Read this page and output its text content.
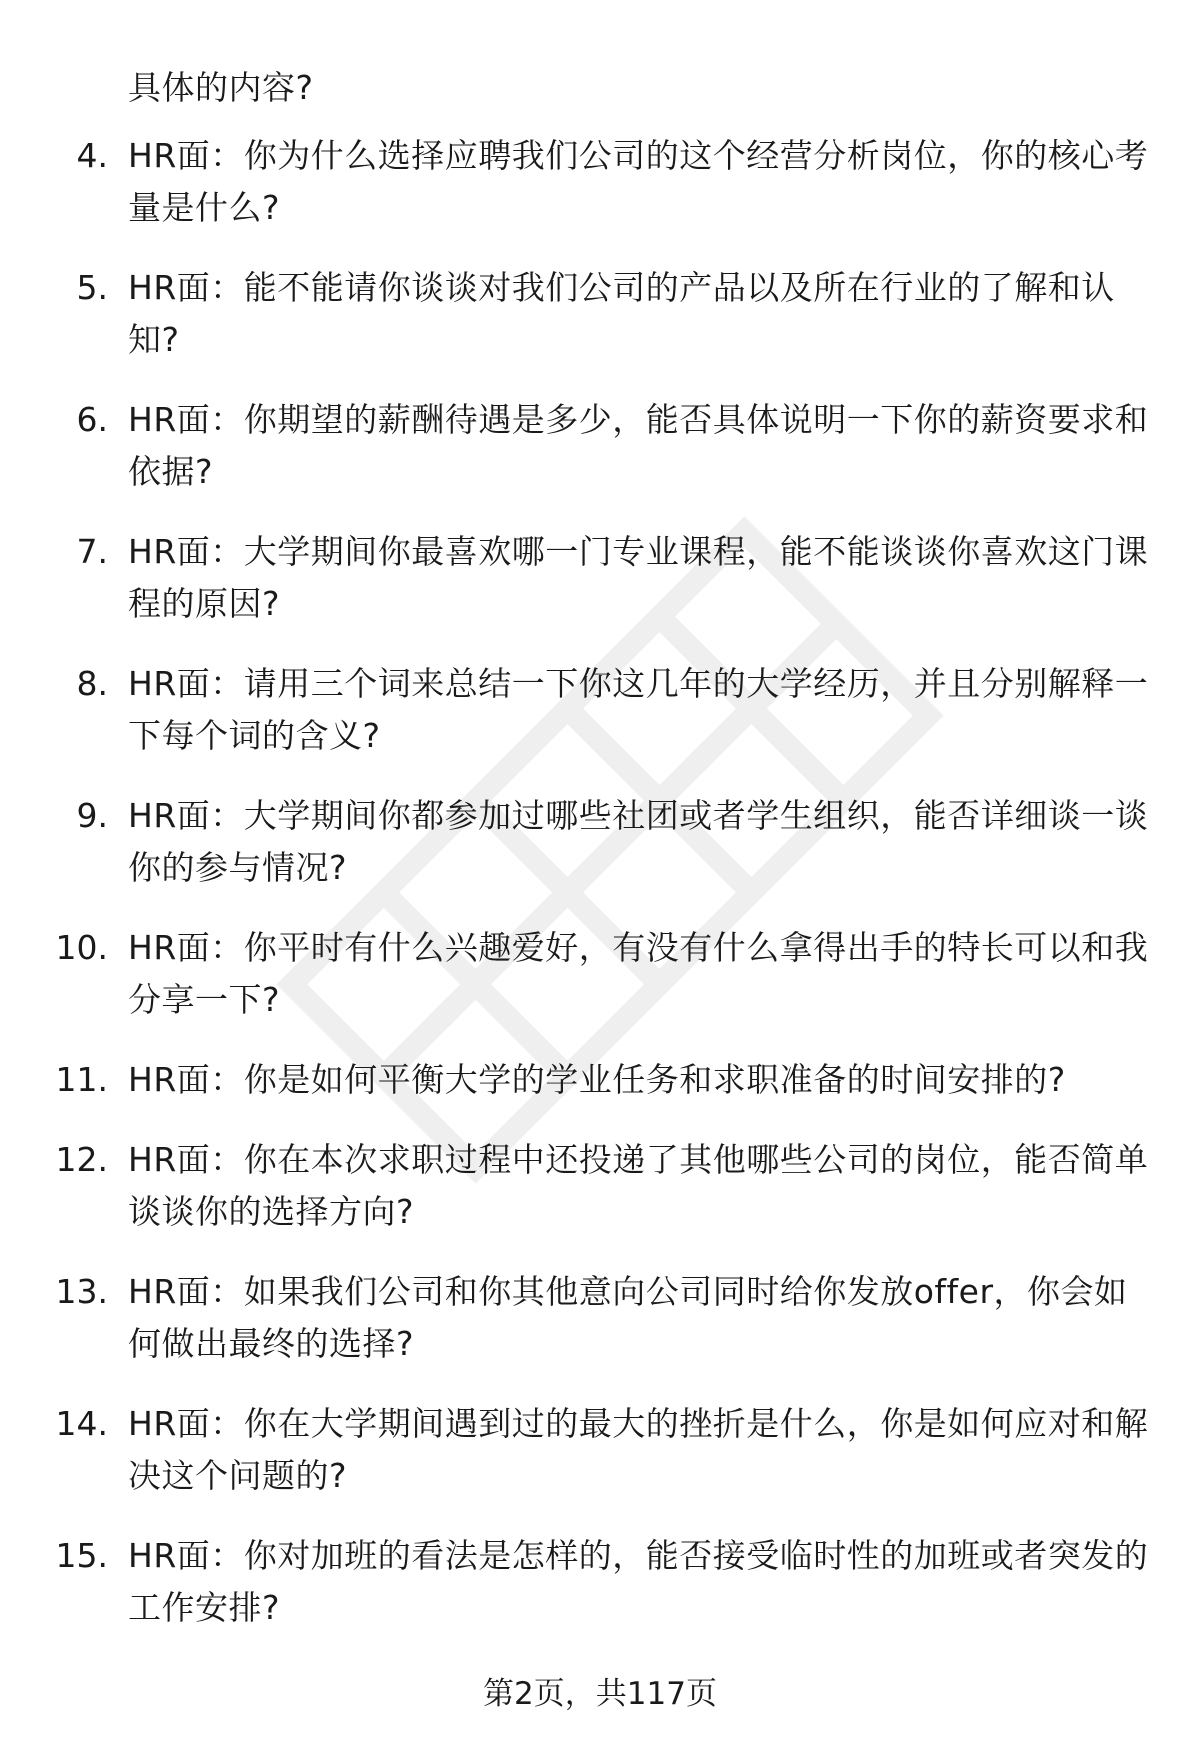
具体的内容?
4. HR面：你为什么选择应聘我们公司的这个经营分析岗位，你的核心考量是什么?
5. HR面：能不能请你谈谈对我们公司的产品以及所在行业的了解和认知?
6. HR面：你期望的薪酬待遇是多少，能否具体说明一下你的薪资要求和依据?
7. HR面：大学期间你最喜欢哪一门专业课程，能不能谈谈你喜欢这门课程的原因?
8. HR面：请用三个词来总结一下你这几年的大学经历，并且分别解释一下每个词的含义?
9. HR面：大学期间你都参加过哪些社团或者学生组织，能否详细谈一谈你的参与情况?
10. HR面：你平时有什么兴趣爱好，有没有什么拿得出手的特长可以和我分享一下?
11. HR面：你是如何平衡大学的学业任务和求职准备的时间安排的?
12. HR面：你在本次求职过程中还投递了其他哪些公司的岗位，能否简单谈谈你的选择方向?
13. HR面：如果我们公司和你其他意向公司同时给你发放offer，你会如何做出最终的选择?
14. HR面：你在大学期间遇到过的最大的挫折是什么，你是如何应对和解决这个问题的?
15. HR面：你对加班的看法是怎样的，能否接受临时性的加班或者突发的工作安排?
第2页，共117页
